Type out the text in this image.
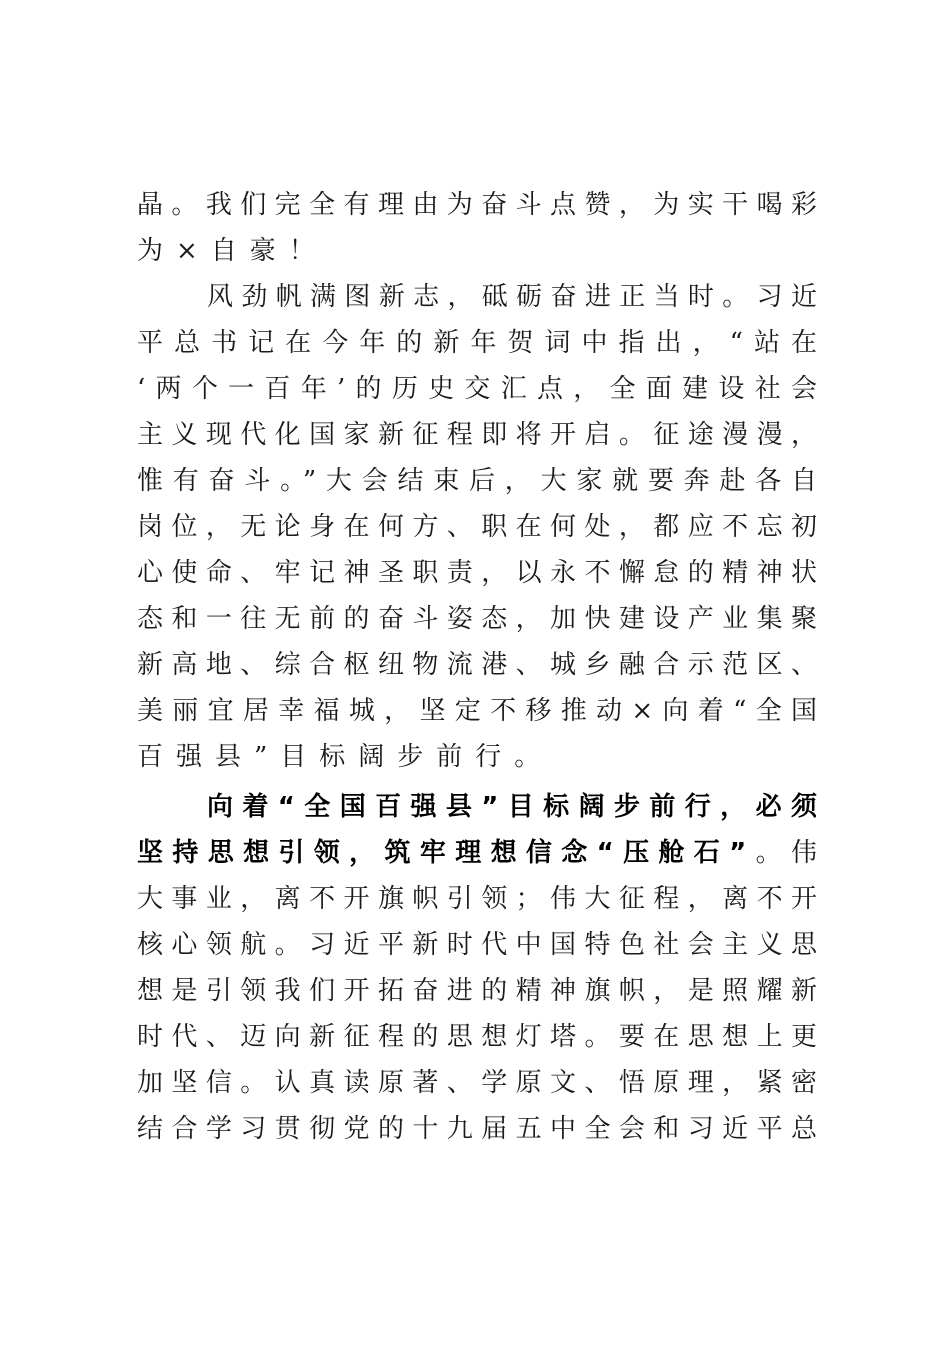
晶。我们完全有理由为奋斗点赞，为实干喝彩
为×自豪！
风劲帆满图新志，砥砺奋进正当时。习近
平总书记在今年的新年贺词中指出，“站在
‘两个一百年’的历史交汇点，全面建设社会
主义现代化国家新征程即将开启。征途漫漫，
惟有奋斗。”大会结束后，大家就要奔赴各自
岗位，无论身在何方、职在何处，都应不忘初
心使命、牢记神圣职责，以永不懈怠的精神状
态和一往无前的奋斗姿态，加快建设产业集聚
新高地、综合枢纽物流港、城乡融合示范区、
美丽宜居幸福城，坚定不移推动×向着“全国
百强县”目标阔步前行。
向着“全国百强县”目标阔步前行，必须
坚持思想引领，筑牢理想信念“压舱石”。伟
大事业，离不开旗帜引领；伟大征程，离不开
核心领航。习近平新时代中国特色社会主义思
想是引领我们开拓奋进的精神旗帜，是照耀新
时代、迈向新征程的思想灯塔。要在思想上更
加坚信。认真读原著、学原文、悟原理，紧密
结合学习贯彻党的十九届五中全会和习近平总
